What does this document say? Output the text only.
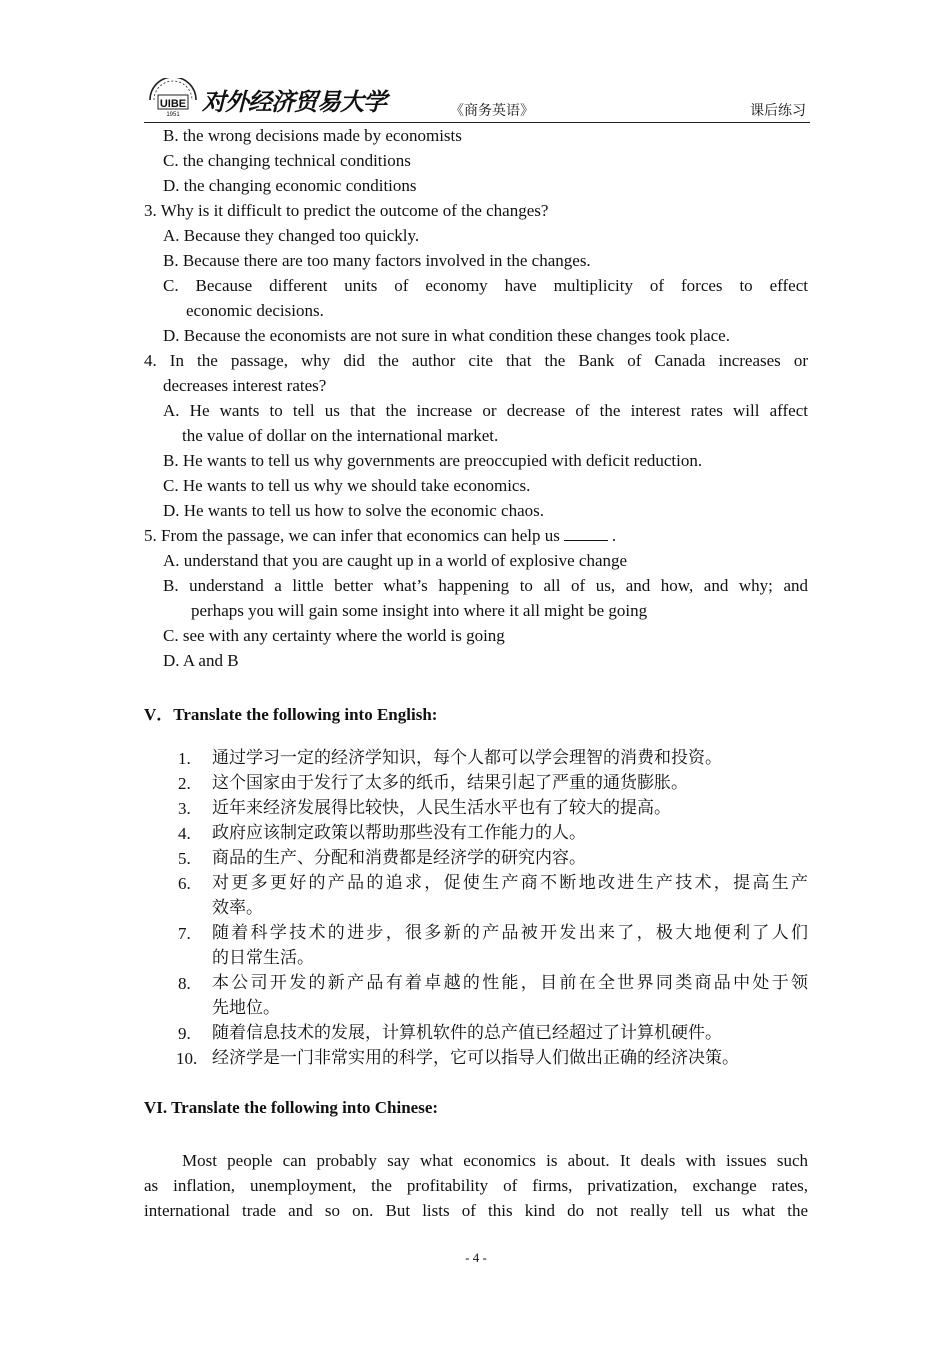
UIBE
1951 对外经济贸易大学	《商务英语》	课后练习
B. the wrong decisions made by economists
C. the changing technical conditions
D. the changing economic conditions
3. Why is it difficult to predict the outcome of the changes?
A. Because they changed too quickly.
B. Because there are too many factors involved in the changes.
C. Because different units of economy have multiplicity of forces to effect
economic decisions.
D. Because the economists are not sure in what condition these changes took place.
4. In the passage, why did the author cite that the Bank of Canada increases or
decreases interest rates?
A. He wants to tell us that the increase or decrease of the interest rates will affect
the value of dollar on the international market.
B. He wants to tell us why governments are preoccupied with deficit reduction.
C. He wants to tell us why we should take economics.
D. He wants to tell us how to solve the economic chaos.
5. From the passage, we can infer that economics can help us	.
A. understand that you are caught up in a world of explosive change
B. understand a little better what’s happening to all of us, and how, and why; and
perhaps you will gain some insight into where it all might be going
C. see with any certainty where the world is going
D. A and B
V．Translate the following into English:
1. 通过学习一定的经济学知识，每个人都可以学会理智的消费和投资。
2. 这个国家由于发行了太多的纸币，结果引起了严重的通货膨胀。
3. 近年来经济发展得比较快，人民生活水平也有了较大的提高。
4. 政府应该制定政策以帮助那些没有工作能力的人。
5. 商品的生产、分配和消费都是经济学的研究内容。
6. 对更多更好的产品的追求，促使生产商不断地改进生产技术，提高生产
效率。
7. 随着科学技术的进步，很多新的产品被开发出来了，极大地便利了人们
的日常生活。
8. 本公司开发的新产品有着卓越的性能，目前在全世界同类商品中处于领
先地位。
9. 随着信息技术的发展，计算机软件的总产值已经超过了计算机硬件。
10. 经济学是一门非常实用的科学，它可以指导人们做出正确的经济决策。
VI. Translate the following into Chinese:
Most people can probably say what economics is about. It deals with issues such
as inflation, unemployment, the profitability of firms, privatization, exchange rates,
international trade and so on. But lists of this kind do not really tell us what the
- 4 -
